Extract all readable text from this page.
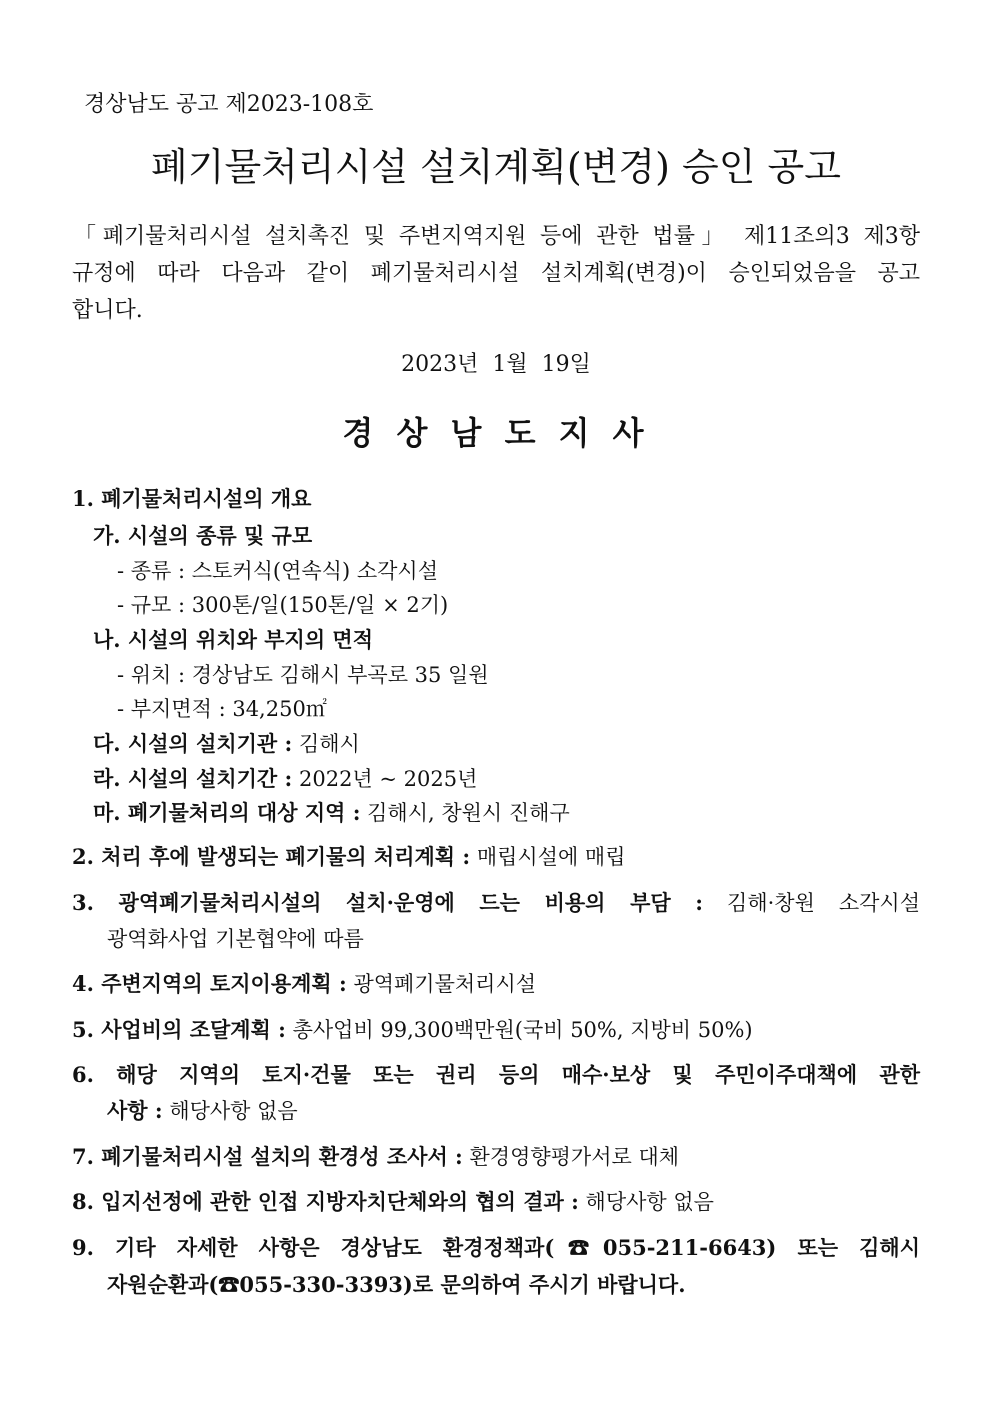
경상남도 공고 제2023-108호
폐기물처리시설 설치계획(변경) 승인 공고
「폐기물처리시설 설치촉진 및 주변지역지원 등에 관한 법률」 제11조의3 제3항
규정에 따라 다음과 같이 폐기물처리시설 설치계획(변경)이 승인되었음을 공고
합니다.
2023년  1월  19일
경 상 남 도 지 사
1. 폐기물처리시설의 개요
가. 시설의 종류 및 규모
- 종류 : 스토커식(연속식) 소각시설
- 규모 : 300톤/일(150톤/일 × 2기)
나. 시설의 위치와 부지의 면적
- 위치 : 경상남도 김해시 부곡로 35 일원
- 부지면적 : 34,250㎡
다. 시설의 설치기관 : 김해시
라. 시설의 설치기간 : 2022년 ~ 2025년
마. 폐기물처리의 대상 지역 : 김해시, 창원시 진해구
2. 처리 후에 발생되는 폐기물의 처리계획 : 매립시설에 매립
3. 광역폐기물처리시설의 설치·운영에 드는 비용의 부담 : 김해·창원 소각시설
광역화사업 기본협약에 따름
4. 주변지역의 토지이용계획 : 광역폐기물처리시설
5. 사업비의 조달계획 : 총사업비 99,300백만원(국비 50%, 지방비 50%)
6. 해당 지역의 토지·건물 또는 권리 등의 매수·보상 및 주민이주대책에 관한
사항 : 해당사항 없음
7. 폐기물처리시설 설치의 환경성 조사서 : 환경영향평가서로 대체
8. 입지선정에 관한 인접 지방자치단체와의 협의 결과 : 해당사항 없음
9. 기타 자세한 사항은 경상남도 환경정책과(☎055-211-6643) 또는 김해시
자원순환과(☎055-330-3393)로 문의하여 주시기 바랍니다.
